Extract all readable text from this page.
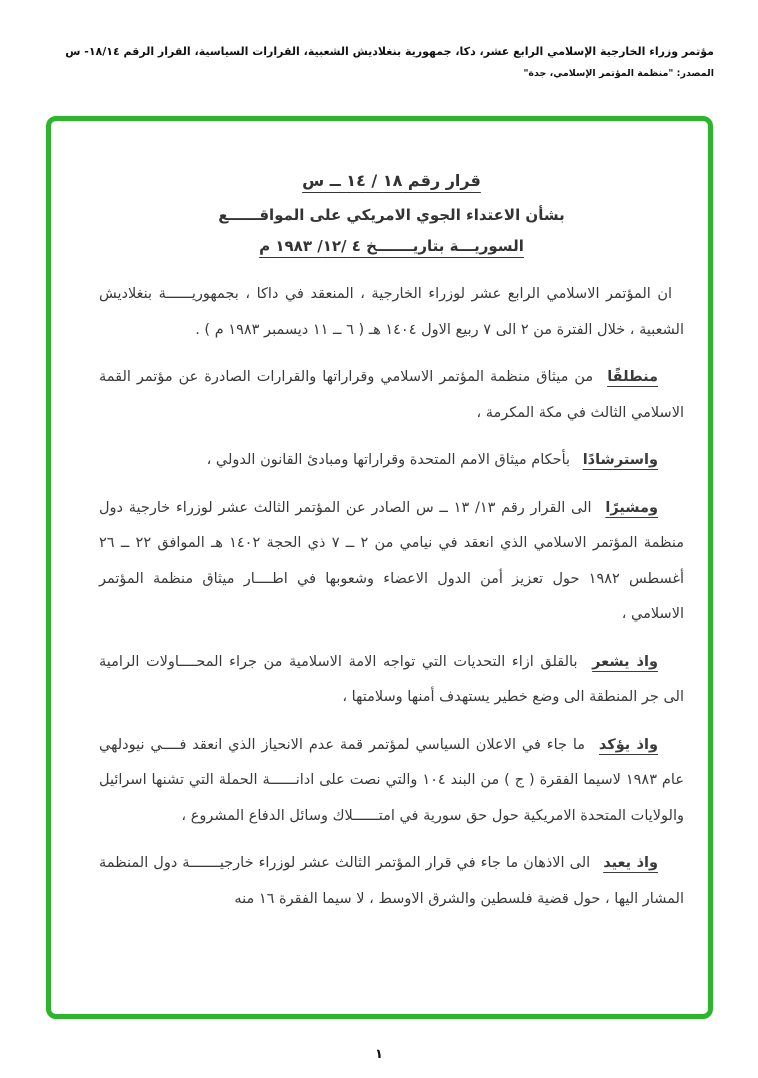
مؤتمر وزراء الخارجية الإسلامي الرابع عشر، دكا، جمهورية بنغلاديش الشعبية، القرارات السياسية، القرار الرقم ١٨/١٤- س
المصدر: "منظمة المؤتمر الإسلامي، جدة"
قرار رقم ١٨ / ١٤ ــ س
بشأن الاعتداء الجوي الامريكي على المواقــــــع
السوريـــة بتاريـــــــخ ٤ /١٢/ ١٩٨٣ م

ان المؤتمر الاسلامي الرابع عشر لوزراء الخارجية ، المنعقد في داكا ، بجمهوريــــــة بنغلاديش الشعبية ، خلال الفترة من ٢ الى ٧ ربيع الاول ١٤٠٤ هـ ( ٦ ــ ١١ ديسمبر ١٩٨٣ م ) .

منطلقًا من ميثاق منظمة المؤتمر الاسلامي وقراراتها والقرارات الصادرة عن مؤتمر القمة الاسلامي الثالث في مكة المكرمة ،

واسترشادًا بأحكام ميثاق الامم المتحدة وقراراتها ومبادئ القانون الدولي ،

ومشيرًا الى القرار رقم ١٣/ ١٣ ــ س الصادر عن المؤتمر الثالث عشر لوزراء خارجية دول منظمة المؤتمر الاسلامي الذي انعقد في نيامي من ٢ ــ ٧ ذي الحجة ١٤٠٢ هـ الموافق ٢٢ ــ ٢٦ أغسطس ١٩٨٢ حول تعزيز أمن الدول الاعضاء وشعوبها في اطــــار ميثاق منظمة المؤتمر الاسلامي ،

واذ يشعر بالقلق ازاء التحديات التي تواجه الامة الاسلامية من جراء المحــــاولات الرامية الى جر المنطقة الى وضع خطير يستهدف أمنها وسلامتها ،

واذ يؤكد ما جاء في الاعلان السياسي لمؤتمر قمة عدم الانحياز الذي انعقد فــــي نيودلهي عام ١٩٨٣ لاسيما الفقرة ( ج ) من البند ١٠٤ والتي نصت على ادانــــــة الحملة التي تشنها اسرائيل والولايات المتحدة الامريكية حول حق سورية في امتــــــلاك وسائل الدفاع المشروع ،

واذ يعيد الى الاذهان ما جاء في قرار المؤتمر الثالث عشر لوزراء خارجيـــــــة دول المنظمة المشار اليها ، حول قضية فلسطين والشرق الاوسط ، لا سيما الفقرة ١٦ منه

١
